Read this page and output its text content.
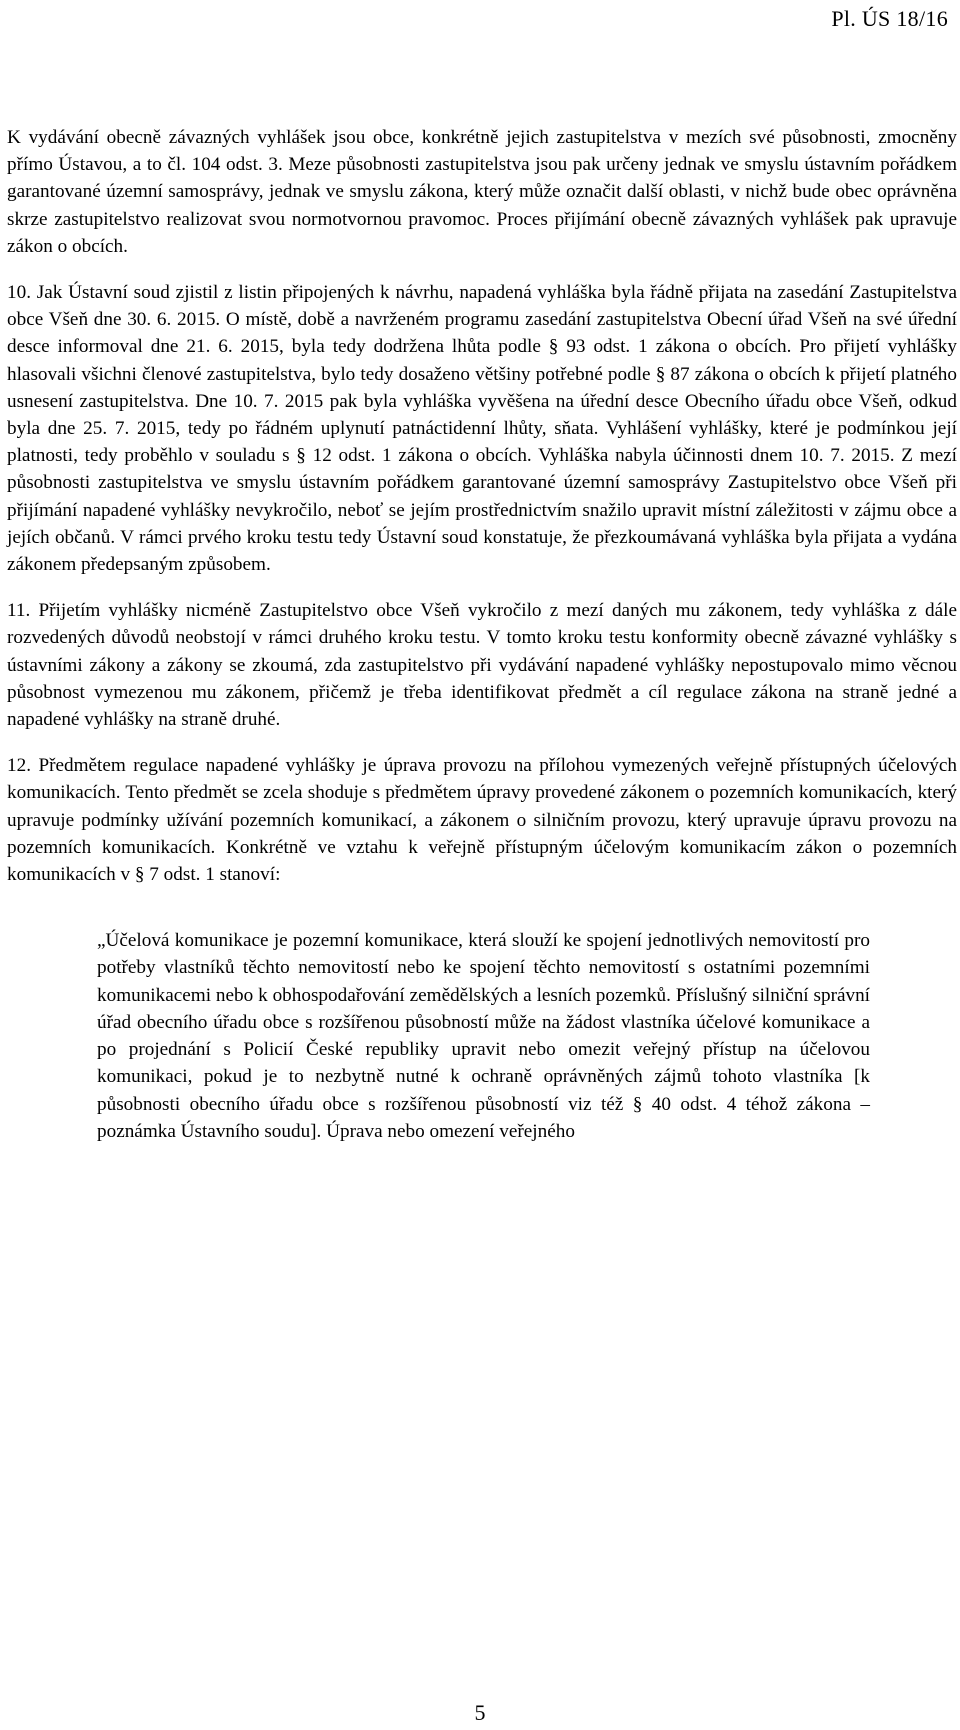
Pl. ÚS 18/16

K vydávání obecně závazných vyhlášek jsou obce, konkrétně jejich zastupitelstva v mezích své působnosti, zmocněny přímo Ústavou, a to čl. 104 odst. 3. Meze působnosti zastupitelstva jsou pak určeny jednak ve smyslu ústavním pořádkem garantované územní samosprávy, jednak ve smyslu zákona, který může označit další oblasti, v nichž bude obec oprávněna skrze zastupitelstvo realizovat svou normotvornou pravomoc. Proces přijímání obecně závazných vyhlášek pak upravuje zákon o obcích.

10. Jak Ústavní soud zjistil z listin připojených k návrhu, napadená vyhláška byla řádně přijata na zasedání Zastupitelstva obce Všeň dne 30. 6. 2015. O místě, době a navrženém programu zasedání zastupitelstva Obecní úřad Všeň na své úřední desce informoval dne 21. 6. 2015, byla tedy dodržena lhůta podle § 93 odst. 1 zákona o obcích. Pro přijetí vyhlášky hlasovali všichni členové zastupitelstva, bylo tedy dosaženo většiny potřebné podle § 87 zákona o obcích k přijetí platného usnesení zastupitelstva. Dne 10. 7. 2015 pak byla vyhláška vyvěšena na úřední desce Obecního úřadu obce Všeň, odkud byla dne 25. 7. 2015, tedy po řádném uplynutí patnáctidenní lhůty, sňata. Vyhlášení vyhlášky, které je podmínkou její platnosti, tedy proběhlo v souladu s § 12 odst. 1 zákona o obcích. Vyhláška nabyla účinnosti dnem 10. 7. 2015. Z mezí působnosti zastupitelstva ve smyslu ústavním pořádkem garantované územní samosprávy Zastupitelstvo obce Všeň při přijímání napadené vyhlášky nevykročilo, neboť se jejím prostřednictvím snažilo upravit místní záležitosti v zájmu obce a jejích občanů. V rámci prvého kroku testu tedy Ústavní soud konstatuje, že přezkoumávaná vyhláška byla přijata a vydána zákonem předepsaným způsobem.

11. Přijetím vyhlášky nicméně Zastupitelstvo obce Všeň vykročilo z mezí daných mu zákonem, tedy vyhláška z dále rozvedených důvodů neobstojí v rámci druhého kroku testu. V tomto kroku testu konformity obecně závazné vyhlášky s ústavními zákony a zákony se zkoumá, zda zastupitelstvo při vydávání napadené vyhlášky nepostupovalo mimo věcnou působnost vymezenou mu zákonem, přičemž je třeba identifikovat předmět a cíl regulace zákona na straně jedné a napadené vyhlášky na straně druhé.

12. Předmětem regulace napadené vyhlášky je úprava provozu na přílohou vymezených veřejně přístupných účelových komunikacích. Tento předmět se zcela shoduje s předmětem úpravy provedené zákonem o pozemních komunikacích, který upravuje podmínky užívání pozemních komunikací, a zákonem o silničním provozu, který upravuje úpravu provozu na pozemních komunikacích. Konkrétně ve vztahu k veřejně přístupným účelovým komunikacím zákon o pozemních komunikacích v § 7 odst. 1 stanoví:

„Účelová komunikace je pozemní komunikace, která slouží ke spojení jednotlivých nemovitostí pro potřeby vlastníků těchto nemovitostí nebo ke spojení těchto nemovitostí s ostatními pozemními komunikacemi nebo k obhospodařování zemědělských a lesních pozemků. Příslušný silniční správní úřad obecního úřadu obce s rozšířenou působností může na žádost vlastníka účelové komunikace a po projednání s Policií České republiky upravit nebo omezit veřejný přístup na účelovou komunikaci, pokud je to nezbytně nutné k ochraně oprávněných zájmů tohoto vlastníka [k působnosti obecního úřadu obce s rozšířenou působností viz též § 40 odst. 4 téhož zákona – poznámka Ústavního soudu]. Úprava nebo omezení veřejného
5
